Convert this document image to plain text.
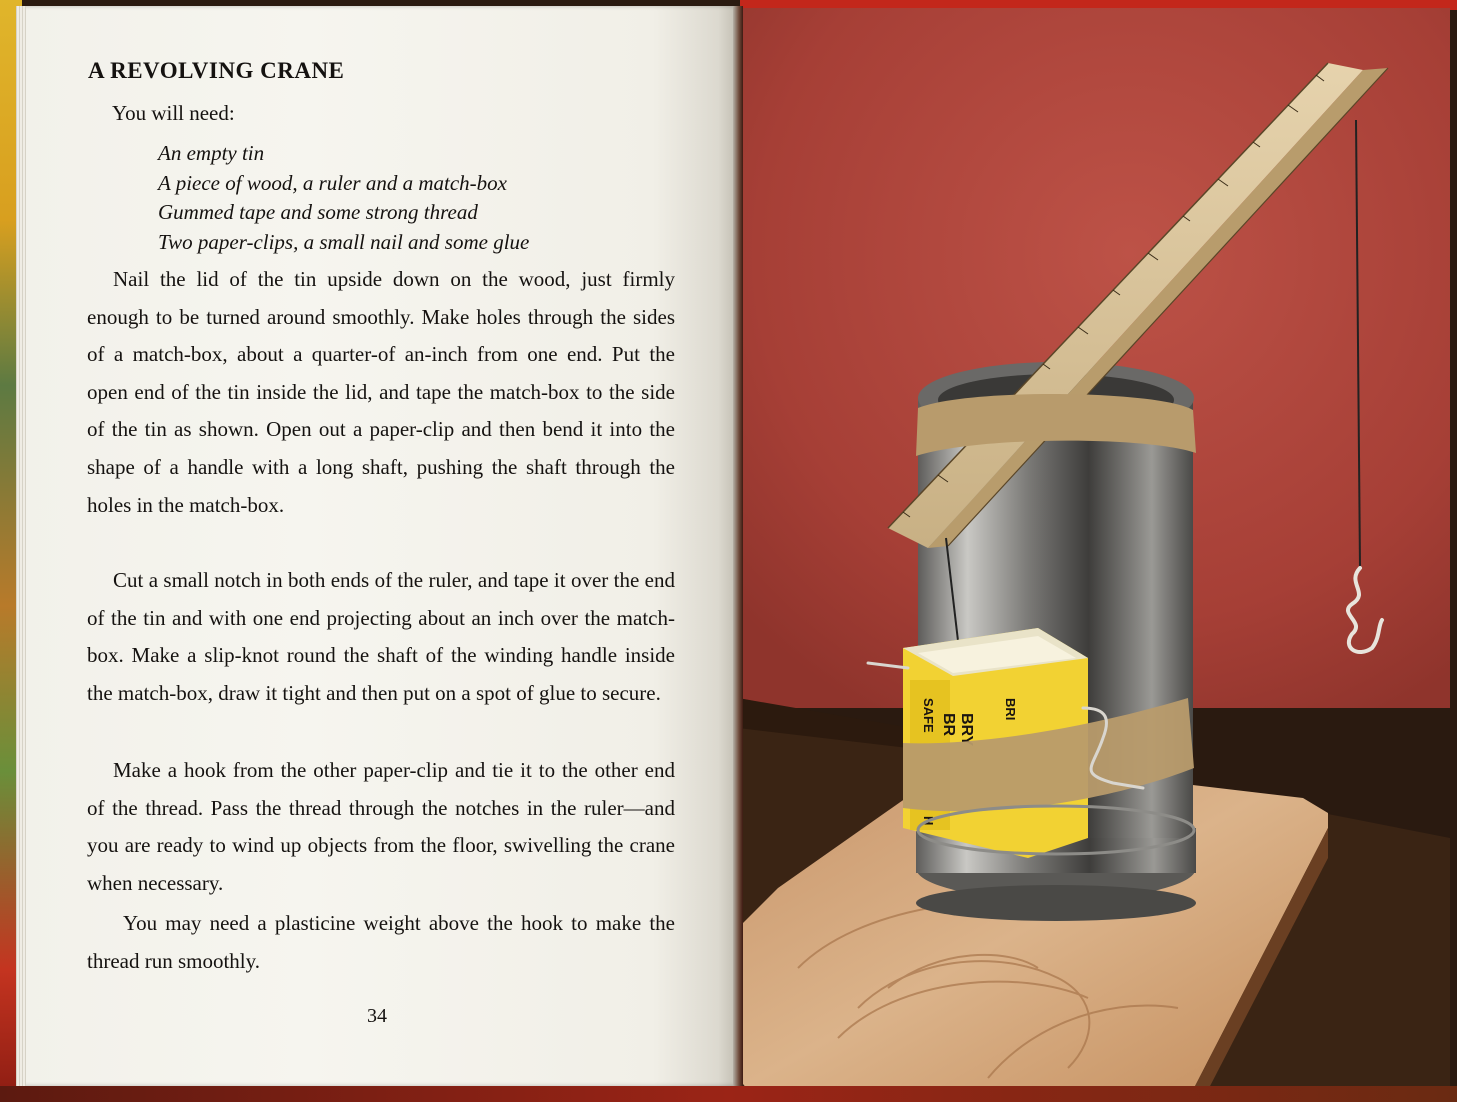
A REVOLVING CRANE

You will need:

An empty tin
A piece of wood, a ruler and a match-box
Gummed tape and some strong thread
Two paper-clips, a small nail and some glue

Nail the lid of the tin upside down on the wood, just firmly enough to be turned around smoothly. Make holes through the sides of a match-box, about a quarter-of an-inch from one end. Put the open end of the tin inside the lid, and tape the match-box to the side of the tin as shown. Open out a paper-clip and then bend it into the shape of a handle with a long shaft, pushing the shaft through the holes in the match-box.

Cut a small notch in both ends of the ruler, and tape it over the end of the tin and with one end projecting about an inch over the match-box. Make a slip-knot round the shaft of the winding handle inside the match-box, draw it tight and then put on a spot of glue to secure.

Make a hook from the other paper-clip and tie it to the other end of the thread. Pass the thread through the notches in the ruler—and you are ready to wind up objects from the floor, swivelling the crane when necessary.

You may need a plasticine weight above the hook to make the thread run smoothly.

34
BRY
BR
SAFE	BRI
H
